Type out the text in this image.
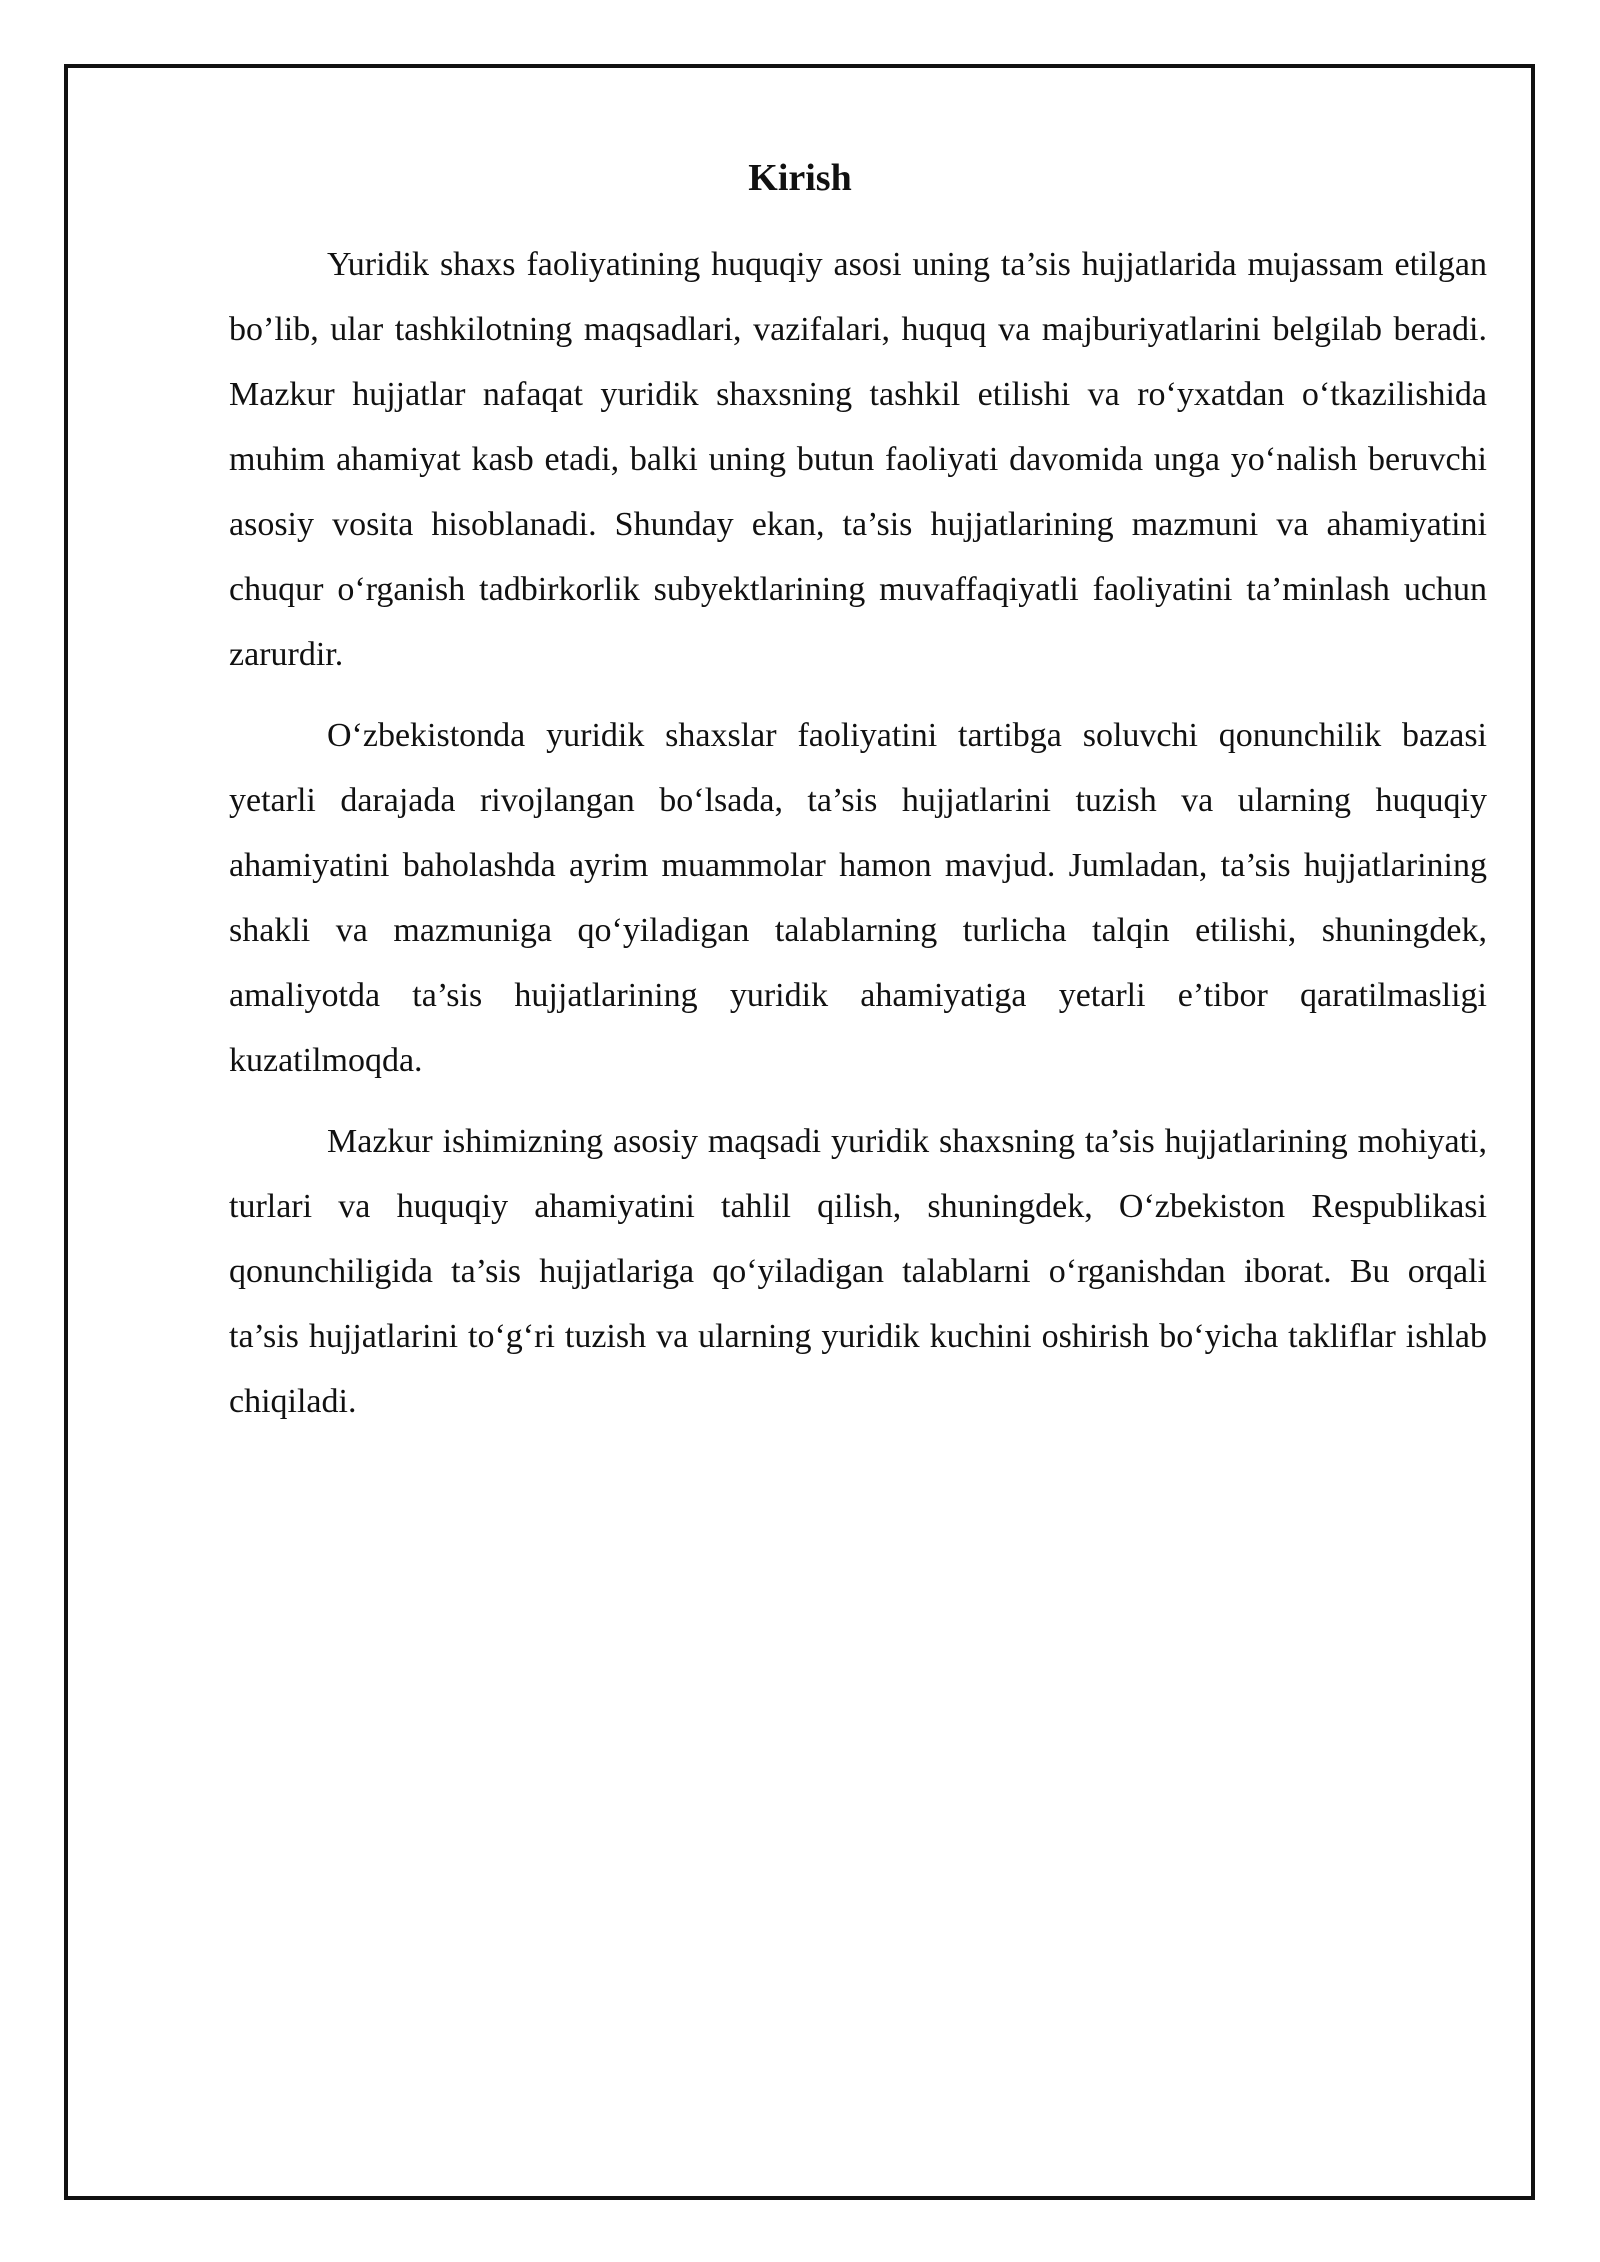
Kirish

Yuridik shaxs faoliyatining huquqiy asosi uning ta’sis hujjatlarida mujassam etilgan bo’lib, ular tashkilotning maqsadlari, vazifalari, huquq va majburiyatlarini belgilab beradi. Mazkur hujjatlar nafaqat yuridik shaxsning tashkil etilishi va ro‘yxatdan o‘tkazilishida muhim ahamiyat kasb etadi, balki uning butun faoliyati davomida unga yo‘nalish beruvchi asosiy vosita hisoblanadi. Shunday ekan, ta’sis hujjatlarining mazmuni va ahamiyatini chuqur o‘rganish tadbirkorlik subyektlarining muvaffaqiyatli faoliyatini ta’minlash uchun zarurdir.

O‘zbekistonda yuridik shaxslar faoliyatini tartibga soluvchi qonunchilik bazasi yetarli darajada rivojlangan bo‘lsada, ta’sis hujjatlarini tuzish va ularning huquqiy ahamiyatini baholashda ayrim muammolar hamon mavjud. Jumladan, ta’sis hujjatlarining shakli va mazmuniga qo‘yiladigan talablarning turlicha talqin etilishi, shuningdek, amaliyotda ta’sis hujjatlarining yuridik ahamiyatiga yetarli e’tibor qaratilmasligi kuzatilmoqda.

Mazkur ishimizning asosiy maqsadi yuridik shaxsning ta’sis hujjatlarining mohiyati, turlari va huquqiy ahamiyatini tahlil qilish, shuningdek, O‘zbekiston Respublikasi qonunchiligida ta’sis hujjatlariga qo‘yiladigan talablarni o‘rganishdan iborat. Bu orqali ta’sis hujjatlarini to‘g‘ri tuzish va ularning yuridik kuchini oshirish bo‘yicha takliflar ishlab chiqiladi.
